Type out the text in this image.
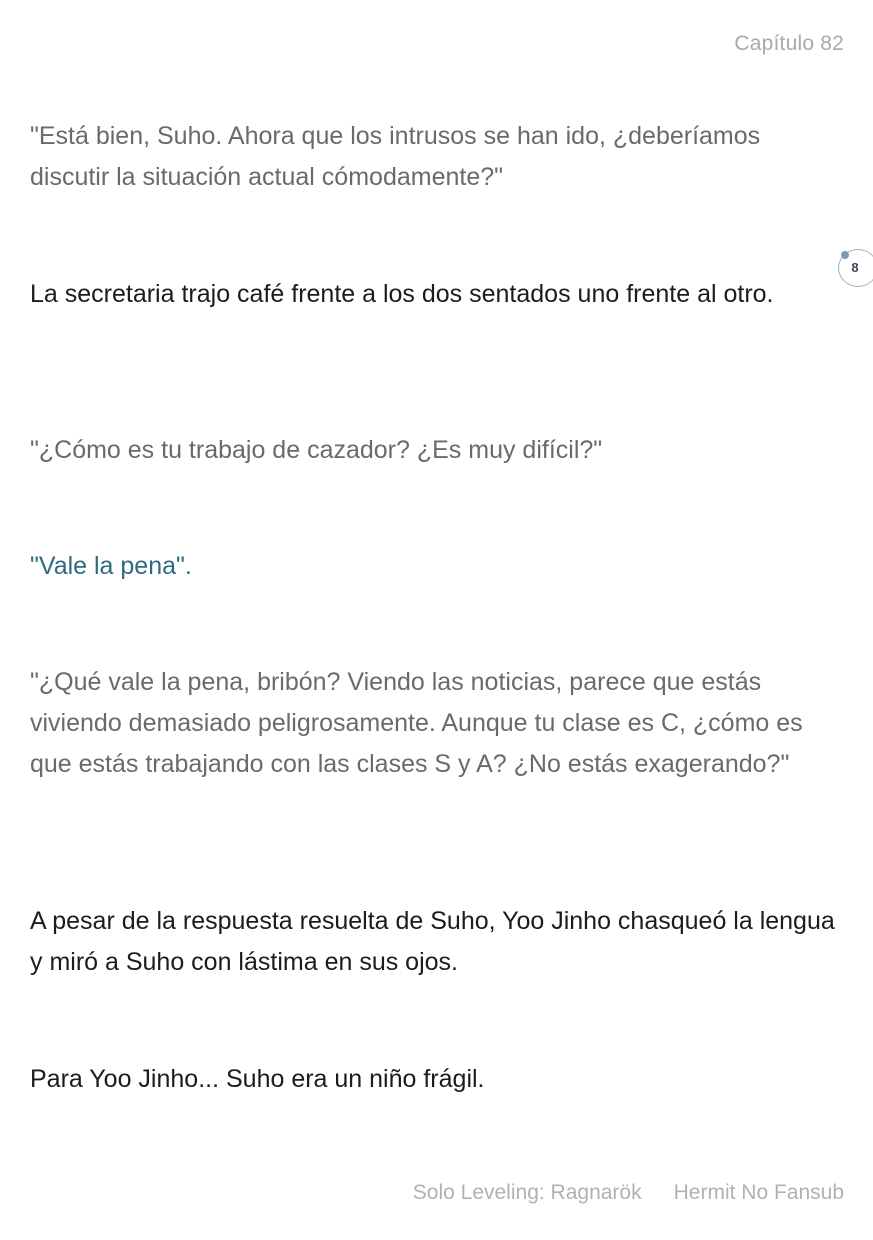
Capítulo 82

"Está bien, Suho. Ahora que los intrusos se han ido, ¿deberíamos discutir la situación actual cómodamente?"

La secretaria trajo café frente a los dos sentados uno frente al otro.

8

"¿Cómo es tu trabajo de cazador? ¿Es muy difícil?"

"Vale la pena".

"¿Qué vale la pena, bribón? Viendo las noticias, parece que estás viviendo demasiado peligrosamente. Aunque tu clase es C, ¿cómo es que estás trabajando con las clases S y A? ¿No estás exagerando?"

A pesar de la respuesta resuelta de Suho, Yoo Jinho chasqueó la lengua y miró a Suho con lástima en sus ojos.

Para Yoo Jinho... Suho era un niño frágil.

Solo Leveling: Ragnarök Hermit No Fansub
